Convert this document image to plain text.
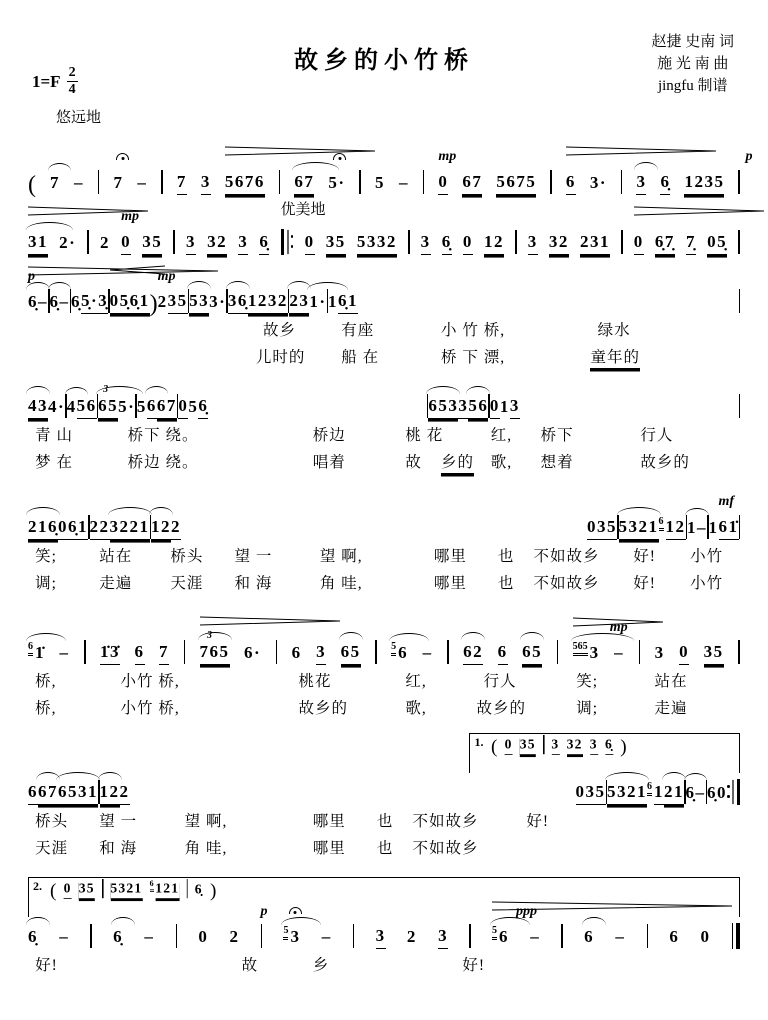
故乡的小竹桥
赵捷 史南 词
施 光 南 曲
jingfu 制谱
$1=F \frac{2}{4}$
悠远地
( 7 – 7 – 7 3 5676 67 5· 5 – 0
mp
67 5675 6 3· 3 6̣ 1235
p
31 2· 2 0
mp
35 3 32 3 6̣
优美地
0 35 5332 3 6̣ 0 12 3 32 231 0 6̣7̣ 7̣ 05̣
6̣
p
– 6̣ – 6̣ 5̣·3̣ 05̣6̣1 ) 2
mp
3 5 53 3· 36̣ 1232 23 1· 1 6̣ 1
故乡	有座	小 竹 桥,	绿水
儿时的 船 在	桥 下 漂,	童年的
43 4· 4 5 6 65
3
5· 5 6 67 0 5 6̣	653 3 56 0 1 3
青 山	桥下 绕。	桥边	桃 花	红, 桥下	行人
梦 在	桥边 绕。	唱着	故 乡的 歌, 想着	故乡的
216̣ 0 6̣ 1 2 2 3221 12 2	0 3 5 5321 6 1 2 1 – 1 6
mf
1̇
笑;	站在 桥头 望 一	望 啊,	哪里 也 不如故乡 好! 小竹
调;	走遍 天涯 和 海	角 哇,	哪里 也 不如故乡 好! 小竹
6 1̇ – 1̇3̇ 6 7 765
3
6· 6 3 65	5 6 – 62 6 65	565 3
mp
– 3 0 35
桥,	小竹 桥,	桃花	红,	行人	笑;	站在
桥,	小竹 桥,	故乡的	歌,	故乡的	调;	走遍
1. ( 0 35 3 32 3 6̣ )
6 67 6531 12 2	0 3 5 5321 6 1 21 6̣ – 6̣ 0
桥头 望 一	望 啊,	哪里 也 不如故乡	好!
天涯 和 海	角 哇,	哪里 也 不如故乡
2. ( 0 35 5321 6 121 6̣ )
6̣ –	6̣ –	0 2
p
5 3 –	3 2 3	5 6
ppp
–	6 –	6 0
好!	故	乡	好!
